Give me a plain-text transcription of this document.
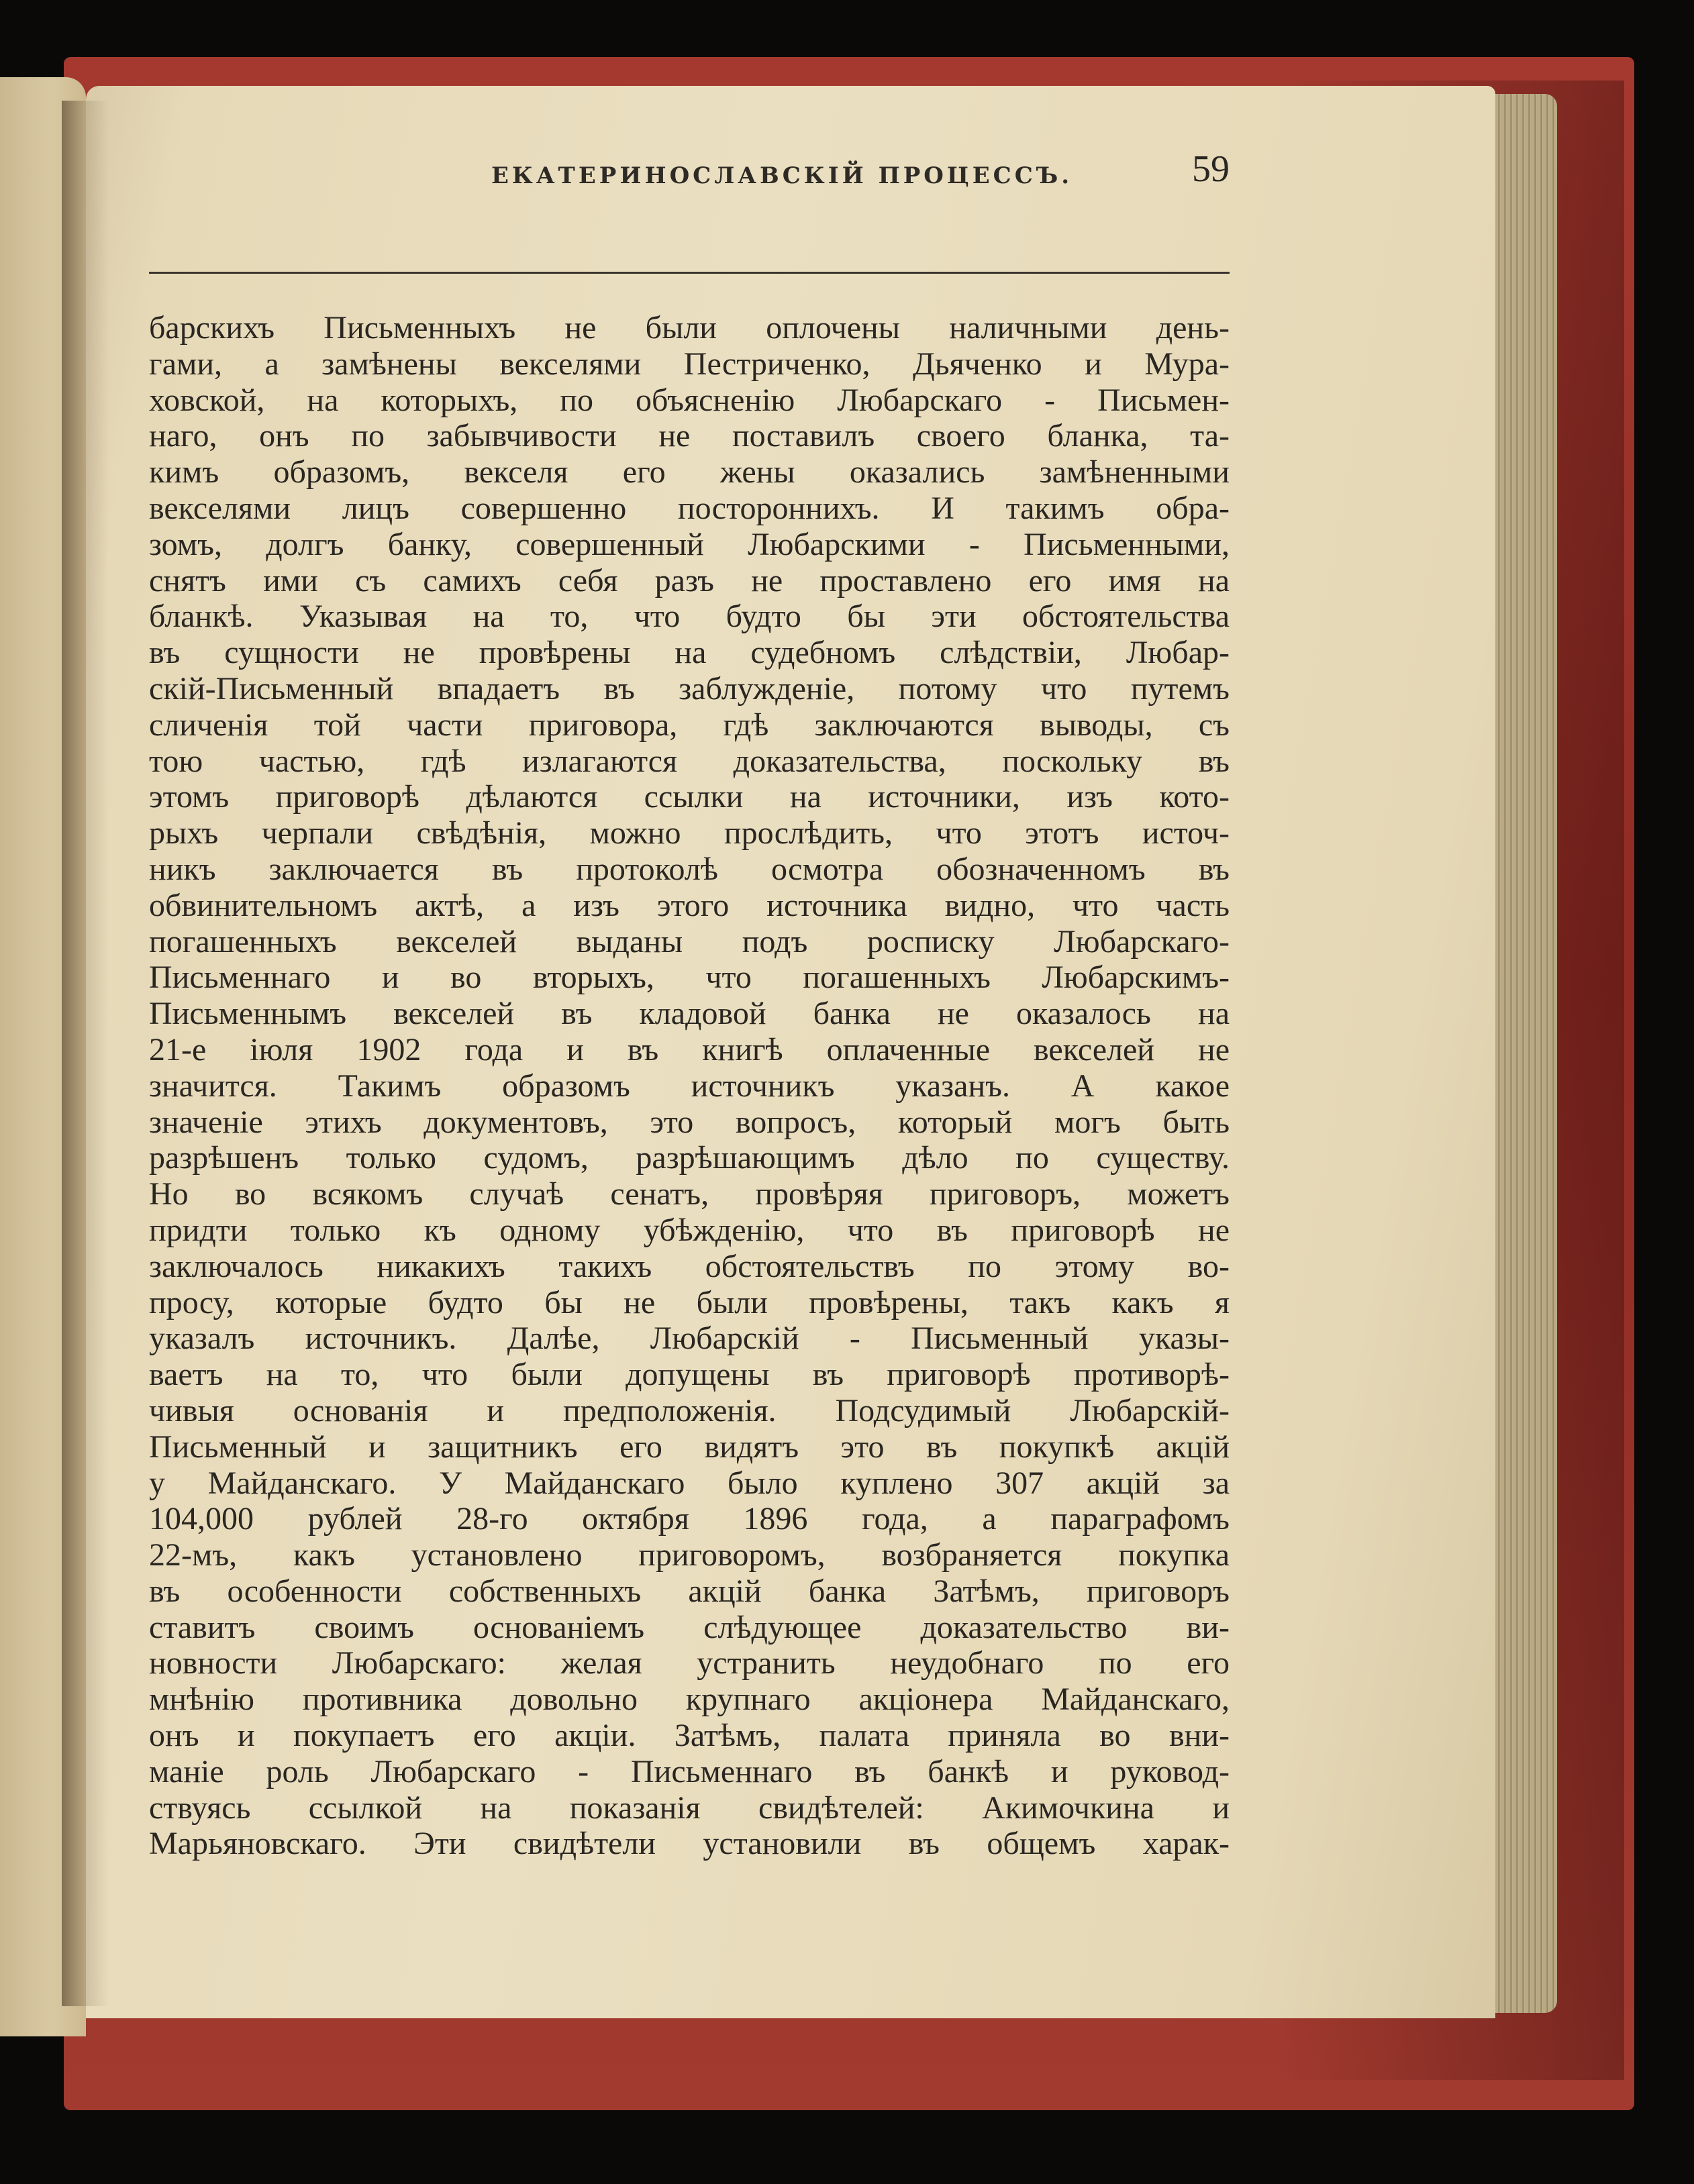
ЕКАТЕРИНОСЛАВСКІЙ ПРОЦЕССЪ.	59
барскихъ Письменныхъ не были оплочены наличными день-
гами, а замѣнены векселями Пестриченко, Дьяченко и Мура-
ховской, на которыхъ, по объясненію Любарскаго - Письмен-
наго, онъ по забывчивости не поставилъ своего бланка, та-
кимъ образомъ, векселя его жены оказались замѣненными
векселями лицъ совершенно постороннихъ. И такимъ обра-
зомъ, долгъ банку, совершенный Любарскими - Письменными,
снятъ ими съ самихъ себя разъ не проставлено его имя на
бланкѣ. Указывая на то, что будто бы эти обстоятельства
въ сущности не провѣрены на судебномъ слѣдствіи, Любар-
скій-Письменный впадаетъ въ заблужденіе, потому что путемъ
сличенія той части приговора, гдѣ заключаются выводы, съ
тою частью, гдѣ излагаются доказательства, поскольку въ
этомъ приговорѣ дѣлаются ссылки на источники, изъ кото-
рыхъ черпали свѣдѣнія, можно прослѣдить, что этотъ источ-
никъ заключается въ протоколѣ осмотра обозначенномъ въ
обвинительномъ актѣ, а изъ этого источника видно, что часть
погашенныхъ векселей выданы подъ росписку Любарскаго-
Письменнаго и во вторыхъ, что погашенныхъ Любарскимъ-
Письменнымъ векселей въ кладовой банка не оказалось на
21-е іюля 1902 года и въ книгѣ оплаченные векселей не
значится. Такимъ образомъ источникъ указанъ. А какое
значеніе этихъ документовъ, это вопросъ, который могъ быть
разрѣшенъ только судомъ, разрѣшающимъ дѣло по существу.
Но во всякомъ случаѣ сенатъ, провѣряя приговоръ, можетъ
придти только къ одному убѣжденію, что въ приговорѣ не
заключалось никакихъ такихъ обстоятельствъ по этому во-
просу, которые будто бы не были провѣрены, такъ какъ я
указалъ источникъ. Далѣе, Любарскій - Письменный указы-
ваетъ на то, что были допущены въ приговорѣ противорѣ-
чивыя основанія и предположенія. Подсудимый Любарскій-
Письменный и защитникъ его видятъ это въ покупкѣ акцій
у Майданскаго. У Майданскаго было куплено 307 акцій за
104,000 рублей 28-го октября 1896 года, а параграфомъ
22-мъ, какъ установлено приговоромъ, возбраняется покупка
въ особенности собственныхъ акцій банка Затѣмъ, приговоръ
ставитъ своимъ основаніемъ слѣдующее доказательство ви-
новности Любарскаго: желая устранить неудобнаго по его
мнѣнію противника довольно крупнаго акціонера Майданскаго,
онъ и покупаетъ его акціи. Затѣмъ, палата приняла во вни-
маніе роль Любарскаго - Письменнаго въ банкѣ и руковод-
ствуясь ссылкой на показанія свидѣтелей: Акимочкина и
Марьяновскаго. Эти свидѣтели установили въ общемъ харак-
